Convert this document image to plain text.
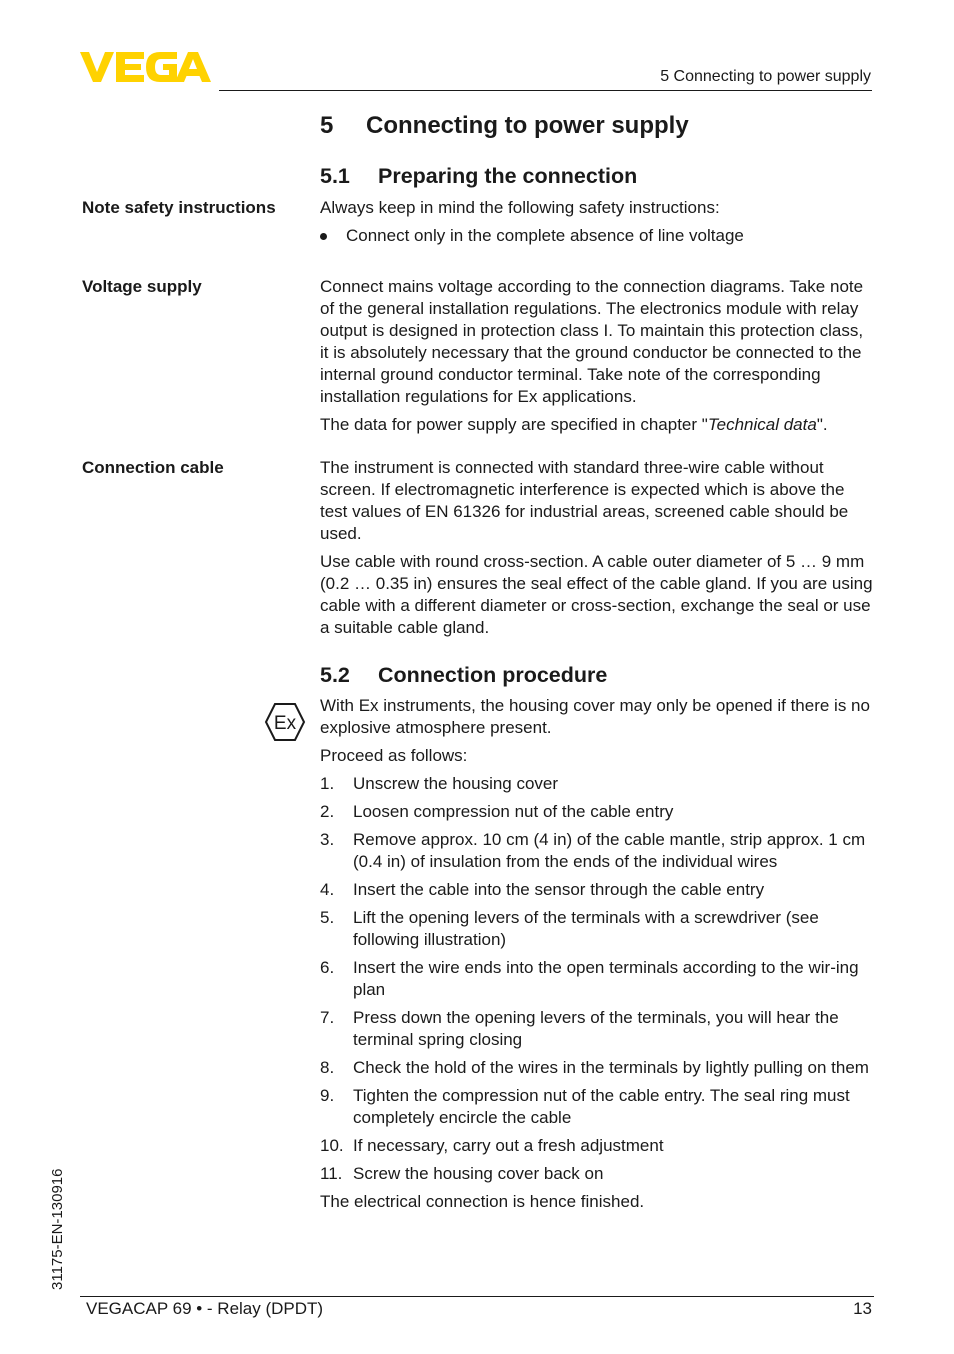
5 Connecting to power supply
5 Connecting to power supply
5.1 Preparing the connection
Note safety instructions	Always keep in mind the following safety instructions:

Connect only in the complete absence of line voltage

Voltage supply	Connect mains voltage according to the connection diagrams. Take note of the general installation regulations. The electronics module with relay output is designed in protection class I. To maintain this protection class, it is absolutely necessary that the ground conductor be connected to the internal ground conductor terminal. Take note of the corresponding installation regulations for Ex applications.

The data for power supply are specified in chapter "Technical data".

Connection cable	The instrument is connected with standard three-wire cable without screen. If electromagnetic interference is expected which is above the test values of EN 61326 for industrial areas, screened cable should be used.

Use cable with round cross-section. A cable outer diameter of 5 … 9 mm (0.2 … 0.35 in) ensures the seal effect of the cable gland. If you are using cable with a different diameter or cross-section, exchange the seal or use a suitable cable gland.

5.2 Connection procedure
Ex

With Ex instruments, the housing cover may only be opened if there is no explosive atmosphere present.

Proceed as follows:

1. Unscrew the housing cover
2. Loosen compression nut of the cable entry
3. Remove approx. 10 cm (4 in) of the cable mantle, strip approx. 1 cm (0.4 in) of insulation from the ends of the individual wires
4. Insert the cable into the sensor through the cable entry
5. Lift the opening levers of the terminals with a screwdriver (see following illustration)
6. Insert the wire ends into the open terminals according to the wir-ing plan
7. Press down the opening levers of the terminals, you will hear the terminal spring closing
8. Check the hold of the wires in the terminals by lightly pulling on them
9. Tighten the compression nut of the cable entry. The seal ring must completely encircle the cable
10. If necessary, carry out a fresh adjustment
11. Screw the housing cover back on

The electrical connection is hence finished.

31175-EN-130916
VEGACAP 69 • - Relay (DPDT)	13
